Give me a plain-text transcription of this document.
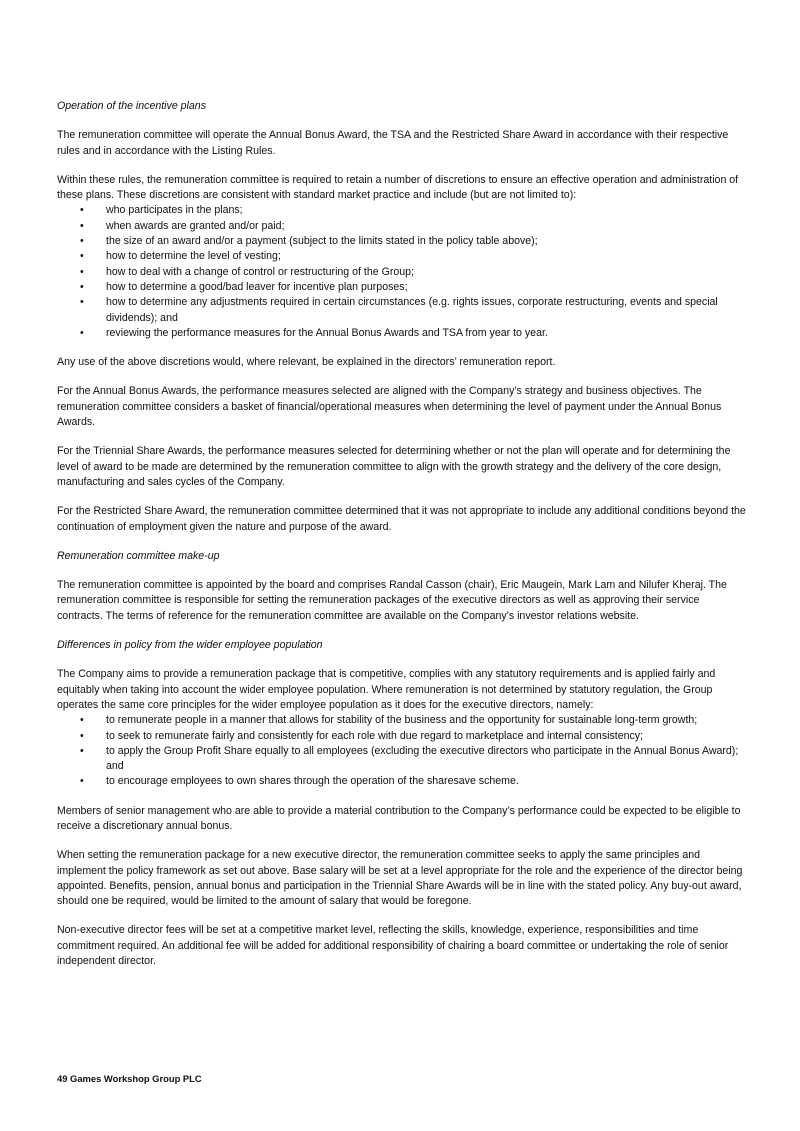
Operation of the incentive plans

The remuneration committee will operate the Annual Bonus Award, the TSA and the Restricted Share Award in accordance with their respective rules and in accordance with the Listing Rules.

Within these rules, the remuneration committee is required to retain a number of discretions to ensure an effective operation and administration of these plans. These discretions are consistent with standard market practice and include (but are not limited to):

• who participates in the plans;
• when awards are granted and/or paid;
• the size of an award and/or a payment (subject to the limits stated in the policy table above);
• how to determine the level of vesting;
• how to deal with a change of control or restructuring of the Group;
• how to determine a good/bad leaver for incentive plan purposes;
• how to determine any adjustments required in certain circumstances (e.g. rights issues, corporate restructuring, events and special dividends); and
• reviewing the performance measures for the Annual Bonus Awards and TSA from year to year.

Any use of the above discretions would, where relevant, be explained in the directors’ remuneration report.

For the Annual Bonus Awards, the performance measures selected are aligned with the Company’s strategy and business objectives. The remuneration committee considers a basket of financial/operational measures when determining the level of payment under the Annual Bonus Awards.

For the Triennial Share Awards, the performance measures selected for determining whether or not the plan will operate and for determining the level of award to be made are determined by the remuneration committee to align with the growth strategy and the delivery of the core design, manufacturing and sales cycles of the Company.

For the Restricted Share Award, the remuneration committee determined that it was not appropriate to include any additional conditions beyond the continuation of employment given the nature and purpose of the award.

Remuneration committee make-up

The remuneration committee is appointed by the board and comprises Randal Casson (chair), Eric Maugein, Mark Lam and Nilufer Kheraj. The remuneration committee is responsible for setting the remuneration packages of the executive directors as well as approving their service contracts. The terms of reference for the remuneration committee are available on the Company’s investor relations website.

Differences in policy from the wider employee population

The Company aims to provide a remuneration package that is competitive, complies with any statutory requirements and is applied fairly and equitably when taking into account the wider employee population. Where remuneration is not determined by statutory regulation, the Group operates the same core principles for the wider employee population as it does for the executive directors, namely:

• to remunerate people in a manner that allows for stability of the business and the opportunity for sustainable long-term growth;
• to seek to remunerate fairly and consistently for each role with due regard to marketplace and internal consistency;
• to apply the Group Profit Share equally to all employees (excluding the executive directors who participate in the Annual Bonus Award); and
• to encourage employees to own shares through the operation of the sharesave scheme.

Members of senior management who are able to provide a material contribution to the Company’s performance could be expected to be eligible to receive a discretionary annual bonus.

When setting the remuneration package for a new executive director, the remuneration committee seeks to apply the same principles and implement the policy framework as set out above. Base salary will be set at a level appropriate for the role and the experience of the director being appointed. Benefits, pension, annual bonus and participation in the Triennial Share Awards will be in line with the stated policy. Any buy-out award, should one be required, would be limited to the amount of salary that would be foregone.

Non-executive director fees will be set at a competitive market level, reflecting the skills, knowledge, experience, responsibilities and time commitment required. An additional fee will be added for additional responsibility of chairing a board committee or undertaking the role of senior independent director.

49 Games Workshop Group PLC
